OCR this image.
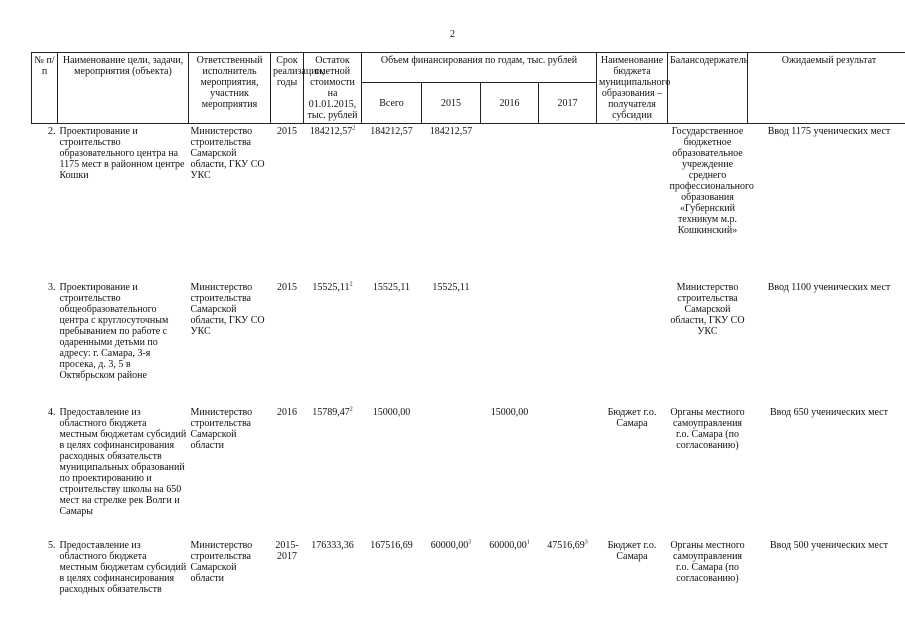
2
№ п/п	Наименование цели, задачи, мероприятия (объекта)	Ответственный исполнитель мероприятия, участник мероприятия	Срок реализации, годы	Остаток сметной стоимости на 01.01.2015, тыс. рублей	Объем финансирования по годам, тыс. рублей				Наименование бюджета муниципального образования – получателя субсидии	Балансодержатель	Ожидаемый результат
					Всего	2015	2016	2017			
2.	Проектирование и строительство образовательного центра на 1175 мест в районном центре Кошки	Министерство строительства Самарской области, ГКУ СО УКС	2015	184212,57$^2$	184212,57	184212,57				Государственное бюджетное образовательное учреждение среднего профессионального образования «Губернский техникум м.р. Кошкинский»	Ввод 1175 ученических мест
3.	Проектирование и строительство общеобразовательного центра с круглосуточным пребыванием по работе с одаренными детьми по адресу: г. Самара, 3-я просека, д. 3, 5 в Октябрьском районе	Министерство строительства Самарской области, ГКУ СО УКС	2015	15525,11$^2$	15525,11	15525,11				Министерство строительства Самарской области, ГКУ СО УКС	Ввод 1100 ученических мест
4.	Предоставление из областного бюджета местным бюджетам субсидий в целях софинансирования расходных обязательств муниципальных образований по проектированию и строительству школы на 650 мест на стрелке рек Волги и Самары	Министерство строительства Самарской области	2016	15789,47$^2$	15000,00		15000,00		Бюджет г.о. Самара	Органы местного самоуправления г.о. Самара (по согласованию)	Ввод 650 ученических мест
5.	Предоставление из областного бюджета местным бюджетам субсидий в целях софинансирования расходных обязательств	Министерство строительства Самарской области	2015-2017	176333,36	167516,69	60000,00$^3$	60000,00$^1$	47516,69$^3$	Бюджет г.о. Самара	Органы местного самоуправления г.о. Самара (по согласованию)	Ввод 500 ученических мест
